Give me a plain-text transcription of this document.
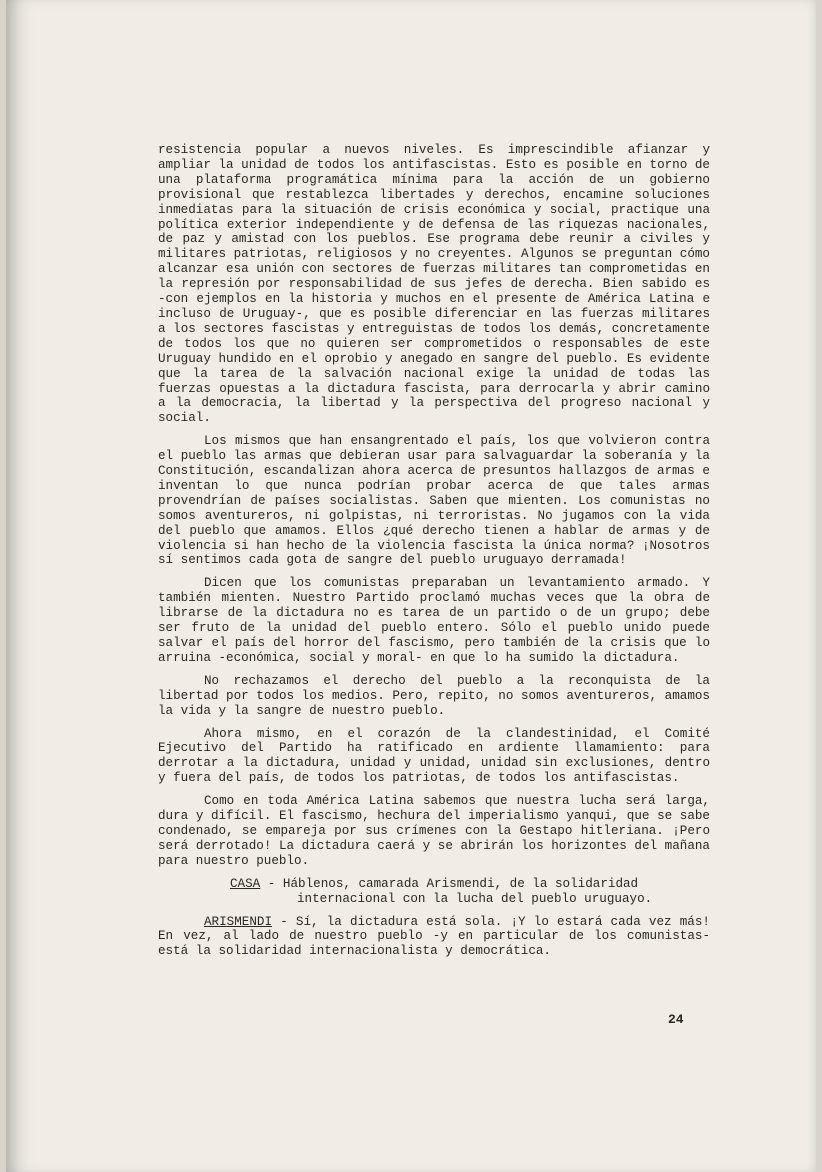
resistencia popular a nuevos niveles. Es imprescindible afianzar y ampliar la unidad de todos los antifascistas. Esto es posible en torno de una plataforma programática mínima para la acción de un gobierno provisional que restablezca libertades y derechos, encamine soluciones inmediatas para la situación de crisis económica y social, practique una política exterior independiente y de defensa de las riquezas nacionales, de paz y amistad con los pueblos. Ese programa debe reunir a civiles y militares patriotas, religiosos y no creyentes. Algunos se preguntan cómo alcanzar esa unión con sectores de fuerzas militares tan comprometidas en la represión por responsabilidad de sus jefes de derecha. Bien sabido es -con ejemplos en la historia y muchos en el presente de América Latina e incluso de Uruguay-, que es posible diferenciar en las fuerzas militares a los sectores fascistas y entreguistas de todos los demás, concretamente de todos los que no quieren ser comprometidos o responsables de este Uruguay hundido en el oprobio y anegado en sangre del pueblo. Es evidente que la tarea de la salvación nacional exige la unidad de todas las fuerzas opuestas a la dictadura fascista, para derrocarla y abrir camino a la democracia, la libertad y la perspectiva del progreso nacional y social.

Los mismos que han ensangrentado el país, los que volvieron contra el pueblo las armas que debieran usar para salvaguardar la soberanía y la Constitución, escandalizan ahora acerca de presuntos hallazgos de armas e inventan lo que nunca podrían probar acerca de que tales armas provendrían de países socialistas. Saben que mienten. Los comunistas no somos aventureros, ni golpistas, ni terroristas. No jugamos con la vida del pueblo que amamos. Ellos ¿qué derecho tienen a hablar de armas y de violencia si han hecho de la violencia fascista la única norma? ¡Nosotros sí sentimos cada gota de sangre del pueblo uruguayo derramada!

Dicen que los comunistas preparaban un levantamiento armado. Y también mienten. Nuestro Partido proclamó muchas veces que la obra de librarse de la dictadura no es tarea de un partido o de un grupo; debe ser fruto de la unidad del pueblo entero. Sólo el pueblo unido puede salvar el país del horror del fascismo, pero también de la crisis que lo arruina -económica, social y moral- en que lo ha sumido la dictadura.

No rechazamos el derecho del pueblo a la reconquista de la libertad por todos los medios. Pero, repito, no somos aventureros, amamos la vida y la sangre de nuestro pueblo.

Ahora mismo, en el corazón de la clandestinidad, el Comité Ejecutivo del Partido ha ratificado en ardiente llamamiento: para derrotar a la dictadura, unidad y unidad, unidad sin exclusiones, dentro y fuera del país, de todos los patriotas, de todos los antifascistas.

Como en toda América Latina sabemos que nuestra lucha será larga, dura y difícil. El fascismo, hechura del imperialismo yanqui, que se sabe condenado, se empareja por sus crímenes con la Gestapo hitleriana. ¡Pero será derrotado! La dictadura caerá y se abrirán los horizontes del mañana para nuestro pueblo.

CASA - Háblenos, camarada Arismendi, de la solidaridad
internacional con la lucha del pueblo uruguayo.

ARISMENDI - Sí, la dictadura está sola. ¡Y lo estará cada vez más! En vez, al lado de nuestro pueblo -y en particular de los comunistas- está la solidaridad internacionalista y democrática.

24
